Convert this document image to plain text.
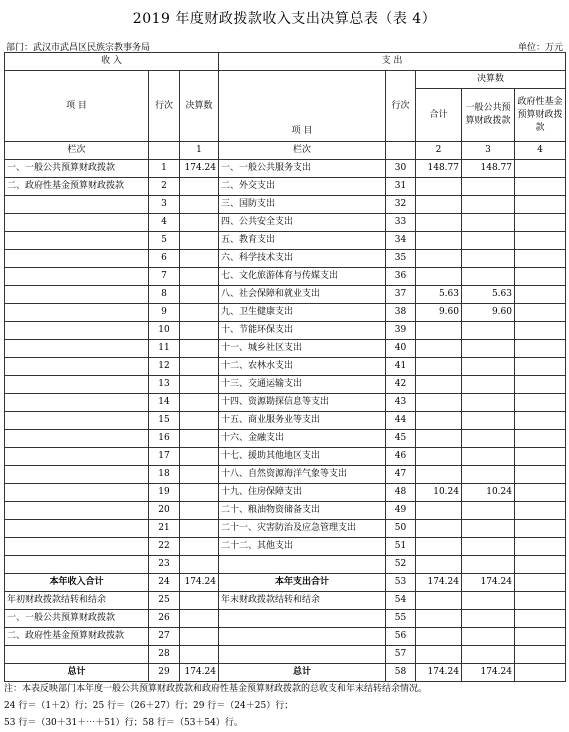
2019 年度财政拨款收入支出决算总表（表 4）
部门：武汉市武昌区民族宗教事务局	单位：万元
收 入			支 出				
项 目	行次	决算数	项 目	行次	决算数		
					合计	一般公共预算财政拨款	政府性基金预算财政拨款
栏次		1	栏次		2	3	4
一、一般公共预算财政拨款	1	174.24	一、一般公共服务支出	30	148.77	148.77	
二、政府性基金预算财政拨款	2		二、外交支出	31			
	3		三、国防支出	32			
	4		四、公共安全支出	33			
	5		五、教育支出	34			
	6		六、科学技术支出	35			
	7		七、文化旅游体育与传媒支出	36			
	8		八、社会保障和就业支出	37	5.63	5.63	
	9		九、卫生健康支出	38	9.60	9.60	
	10		十、节能环保支出	39			
	11		十一、城乡社区支出	40			
	12		十二、农林水支出	41			
	13		十三、交通运输支出	42			
	14		十四、资源勘探信息等支出	43			
	15		十五、商业服务业等支出	44			
	16		十六、金融支出	45			
	17		十七、援助其他地区支出	46			
	18		十八、自然资源海洋气象等支出	47			
	19		十九、住房保障支出	48	10.24	10.24	
	20		二十、粮油物资储备支出	49			
	21		二十一、灾害防治及应急管理支出	50			
	22		二十二、其他支出	51			
	23			52			
本年收入合计	24	174.24	本年支出合计	53	174.24	174.24	
年初财政拨款结转和结余	25		年末财政拨款结转和结余	54			
一、一般公共预算财政拨款	26			55			
二、政府性基金预算财政拨款	27			56			
	28			57			
总计	29	174.24	总计	58	174.24	174.24	
注：本表反映部门本年度一般公共预算财政拨款和政府性基金预算财政拨款的总收支和年末结转结余情况。
24 行＝（1＋2）行；25 行＝（26＋27）行；29 行＝（24＋25）行；
53 行＝（30＋31＋⋯＋51）行；58 行＝（53＋54）行。
